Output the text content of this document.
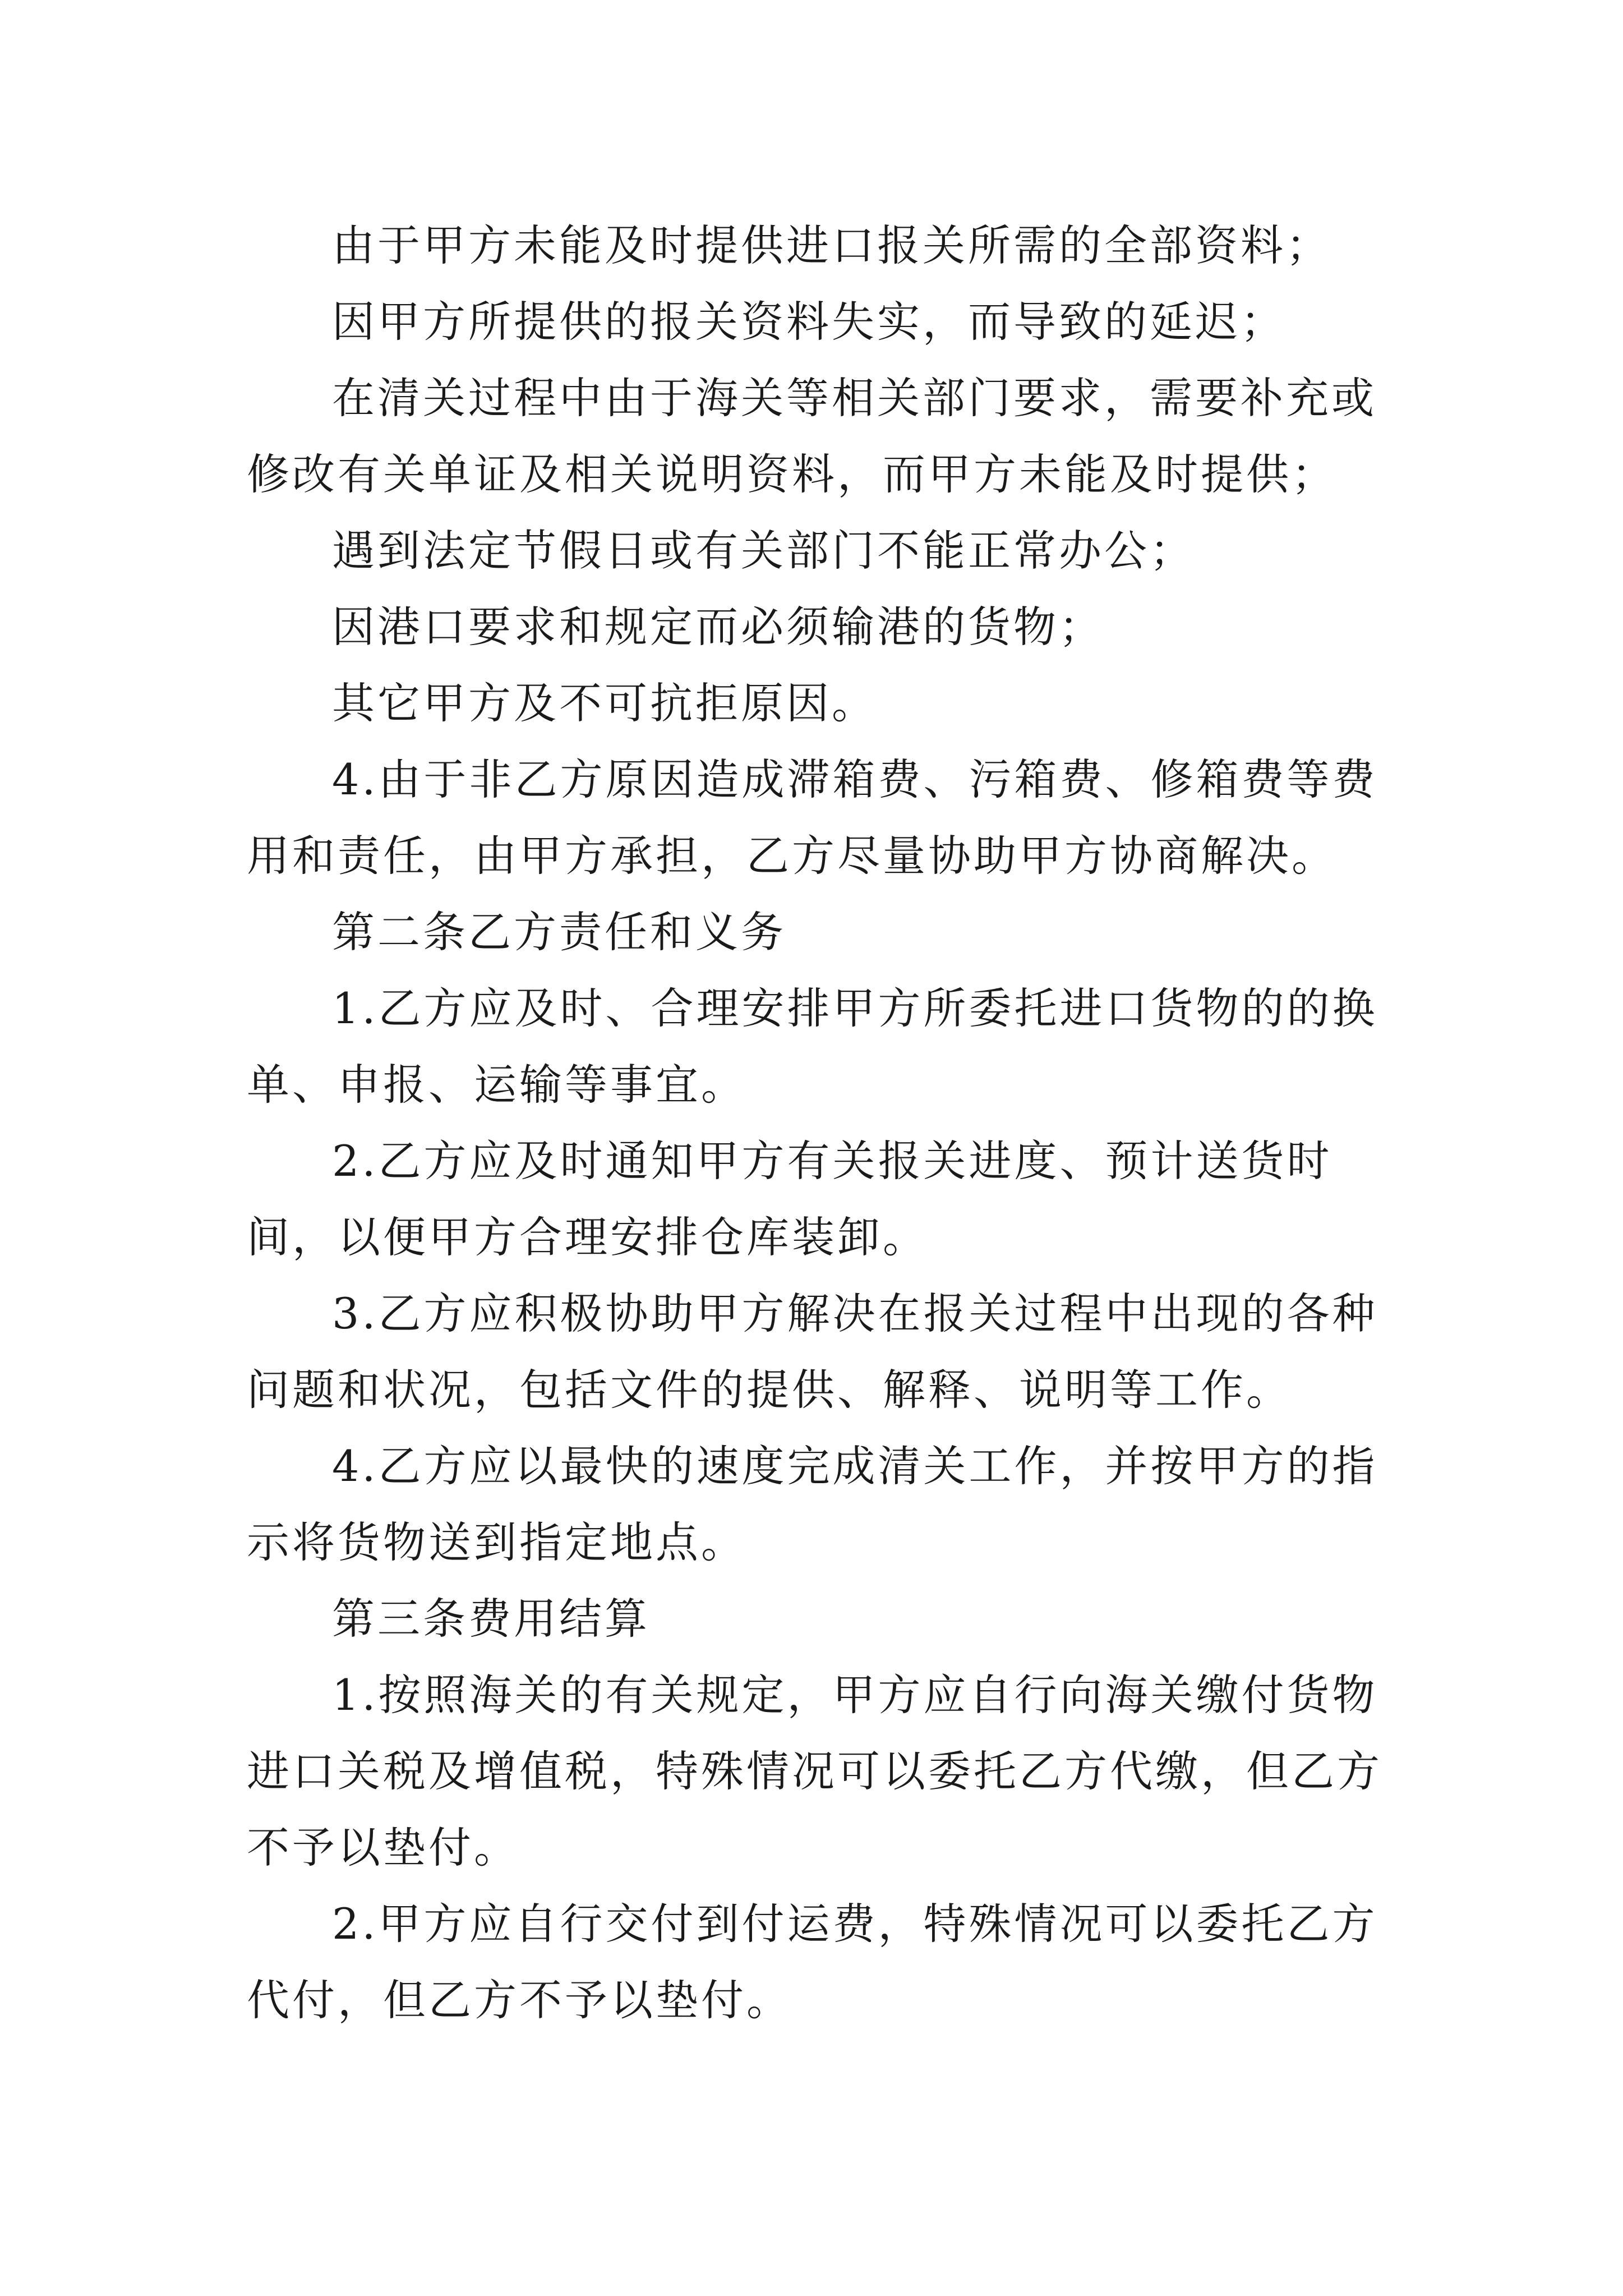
由于甲方未能及时提供进口报关所需的全部资料；

因甲方所提供的报关资料失实，而导致的延迟；

在清关过程中由于海关等相关部门要求，需要补充或修改有关单证及相关说明资料，而甲方未能及时提供；

遇到法定节假日或有关部门不能正常办公；

因港口要求和规定而必须输港的货物；

其它甲方及不可抗拒原因。

4.由于非乙方原因造成滞箱费、污箱费、修箱费等费用和责任，由甲方承担，乙方尽量协助甲方协商解决。

第二条乙方责任和义务

1.乙方应及时、合理安排甲方所委托进口货物的的换单、申报、运输等事宜。

2.乙方应及时通知甲方有关报关进度、预计送货时间，以便甲方合理安排仓库装卸。

3.乙方应积极协助甲方解决在报关过程中出现的各种问题和状况，包括文件的提供、解释、说明等工作。

4.乙方应以最快的速度完成清关工作，并按甲方的指示将货物送到指定地点。

第三条费用结算

1.按照海关的有关规定，甲方应自行向海关缴付货物进口关税及增值税，特殊情况可以委托乙方代缴，但乙方不予以垫付。

2.甲方应自行交付到付运费，特殊情况可以委托乙方代付，但乙方不予以垫付。
